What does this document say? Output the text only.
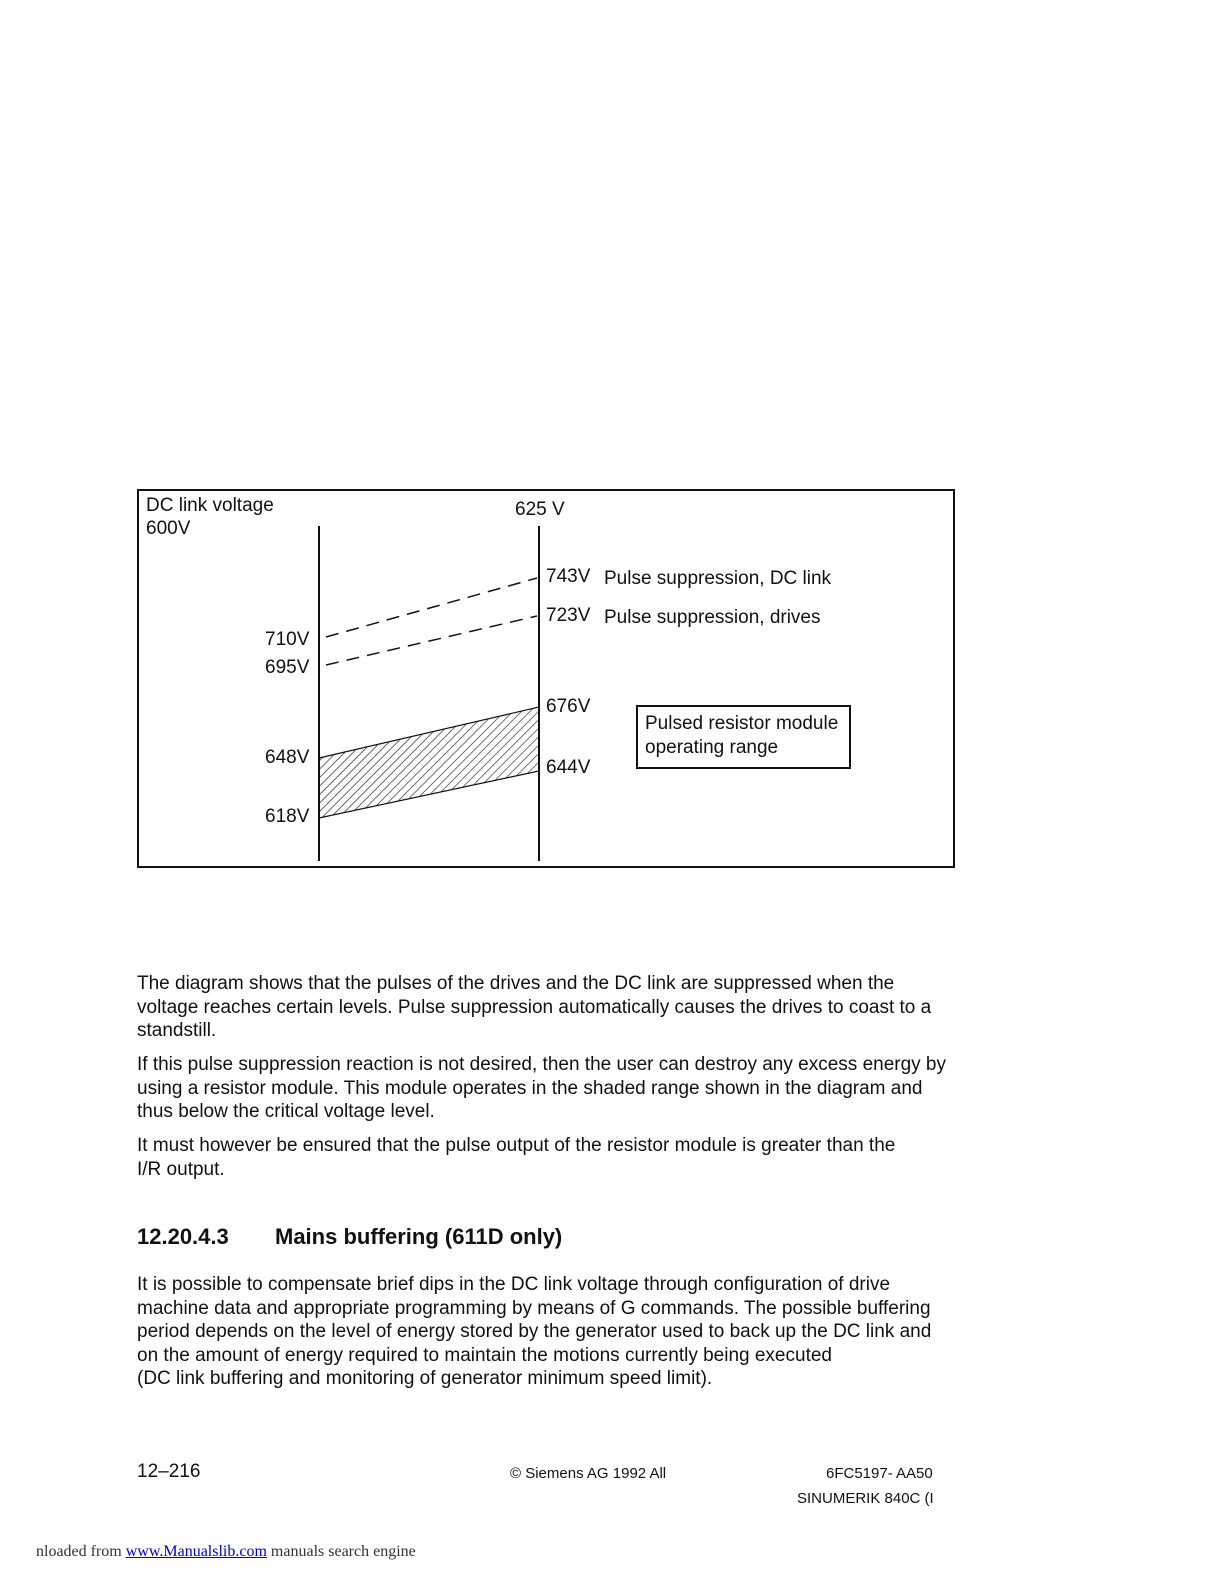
DC link voltage
600V
625 V
710V
695V
648V
618V
743V
723V
676V
644V
Pulse suppression, DC link
Pulse suppression, drives
Pulsed resistor module
operating range
The diagram shows that the pulses of the drives and the DC link are suppressed when the voltage reaches certain levels. Pulse suppression automatically causes the drives to coast to a standstill.
If this pulse suppression reaction is not desired, then the user can destroy any excess energy by using a resistor module. This module operates in the shaded range shown in the diagram and thus below the critical voltage level.
It must however be ensured that the pulse output of the resistor module is greater than the
I/R output.
12.20.4.3 Mains buffering (611D only)
It is possible to compensate brief dips in the DC link voltage through configuration of drive machine data and appropriate programming by means of G commands. The possible buffering period depends on the level of energy stored by the generator used to back up the DC link and on the amount of energy required to maintain the motions currently being executed
(DC link buffering and monitoring of generator minimum speed limit).
12–216	© Siemens AG 1992 All	6FC5197- AA50
SINUMERIK 840C (I
nloaded from www.Manualslib.com manuals search engine
